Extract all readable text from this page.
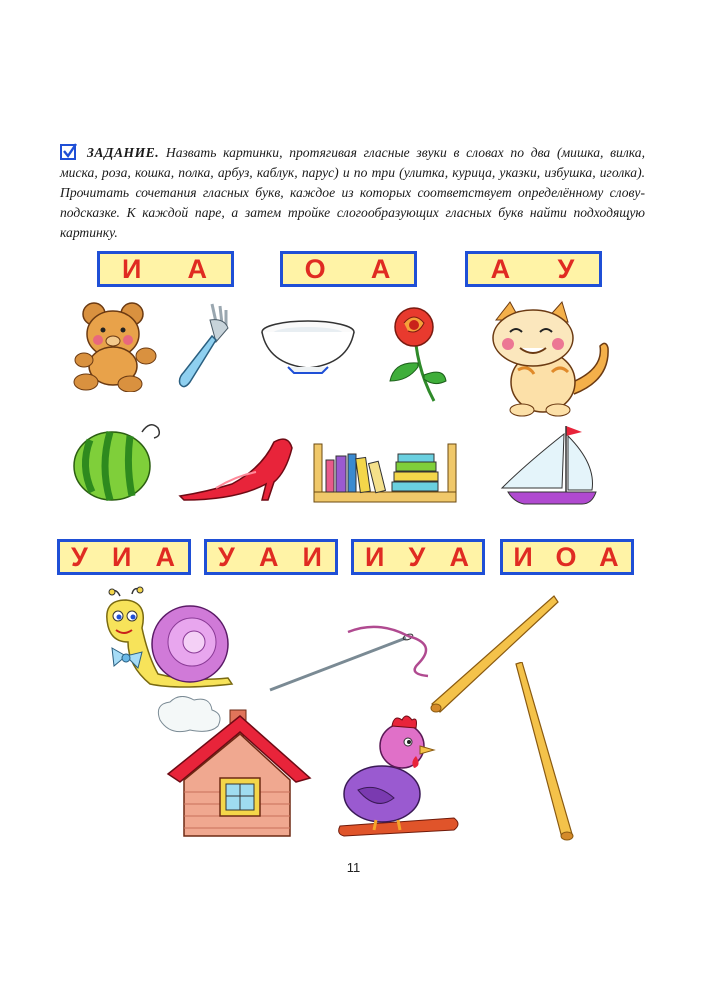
ЗАДАНИЕ. Назвать картинки, протягивая гласные звуки в словах по два (мишка, вилка, миска, роза, кошка, полка, арбуз, каблук, парус) и по три (улитка, курица, указки, избушка, иголка). Прочитать сочетания гласных букв, каждое из которых соответствует определённому слову-подсказке. К каждой паре, а затем тройке слогообразующих гласных букв найти подходящую картинку.
И А	О А	А У
У И А У А И И У А И О А
11
